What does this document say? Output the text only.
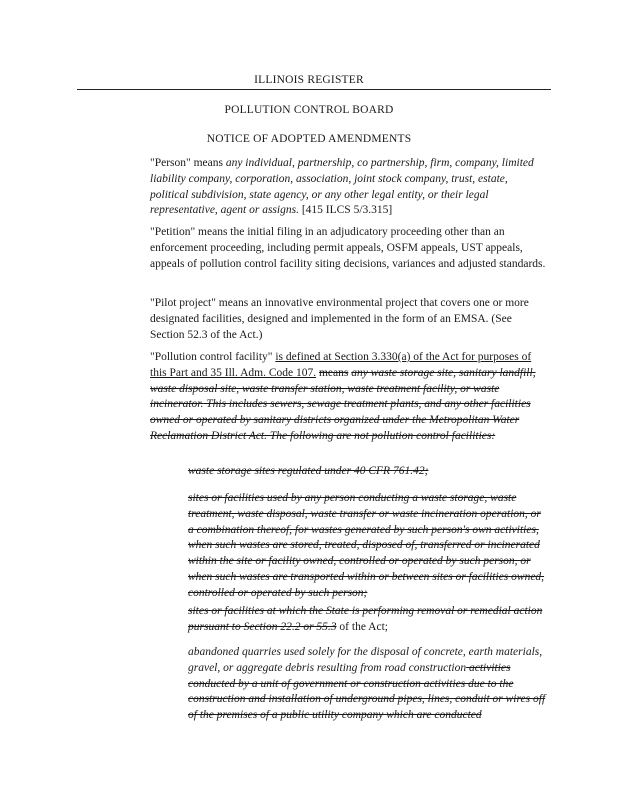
ILLINOIS REGISTER
POLLUTION CONTROL BOARD
NOTICE OF ADOPTED AMENDMENTS
"Person" means any individual, partnership, co partnership, firm, company, limited liability company, corporation, association, joint stock company, trust, estate, political subdivision, state agency, or any other legal entity, or their legal representative, agent or assigns. [415 ILCS 5/3.315]
"Petition" means the initial filing in an adjudicatory proceeding other than an enforcement proceeding, including permit appeals, OSFM appeals, UST appeals, appeals of pollution control facility siting decisions, variances and adjusted standards.
"Pilot project" means an innovative environmental project that covers one or more designated facilities, designed and implemented in the form of an EMSA. (See Section 52.3 of the Act.)
"Pollution control facility" is defined at Section 3.330(a) of the Act for purposes of this Part and 35 Ill. Adm. Code 107. means any waste storage site, sanitary landfill, waste disposal site, waste transfer station, waste treatment facility, or waste incinerator. This includes sewers, sewage treatment plants, and any other facilities owned or operated by sanitary districts organized under the Metropolitan Water Reclamation District Act. The following are not pollution control facilities:
waste storage sites regulated under 40 CFR 761.42;
sites or facilities used by any person conducting a waste storage, waste treatment, waste disposal, waste transfer or waste incineration operation, or a combination thereof, for wastes generated by such person's own activities, when such wastes are stored, treated, disposed of, transferred or incinerated within the site or facility owned, controlled or operated by such person, or when such wastes are transported within or between sites or facilities owned, controlled or operated by such person;
sites or facilities at which the State is performing removal or remedial action pursuant to Section 22.2 or 55.3 of the Act;
abandoned quarries used solely for the disposal of concrete, earth materials, gravel, or aggregate debris resulting from road construction activities conducted by a unit of government or construction activities due to the construction and installation of underground pipes, lines, conduit or wires off of the premises of a public utility company which are conducted
